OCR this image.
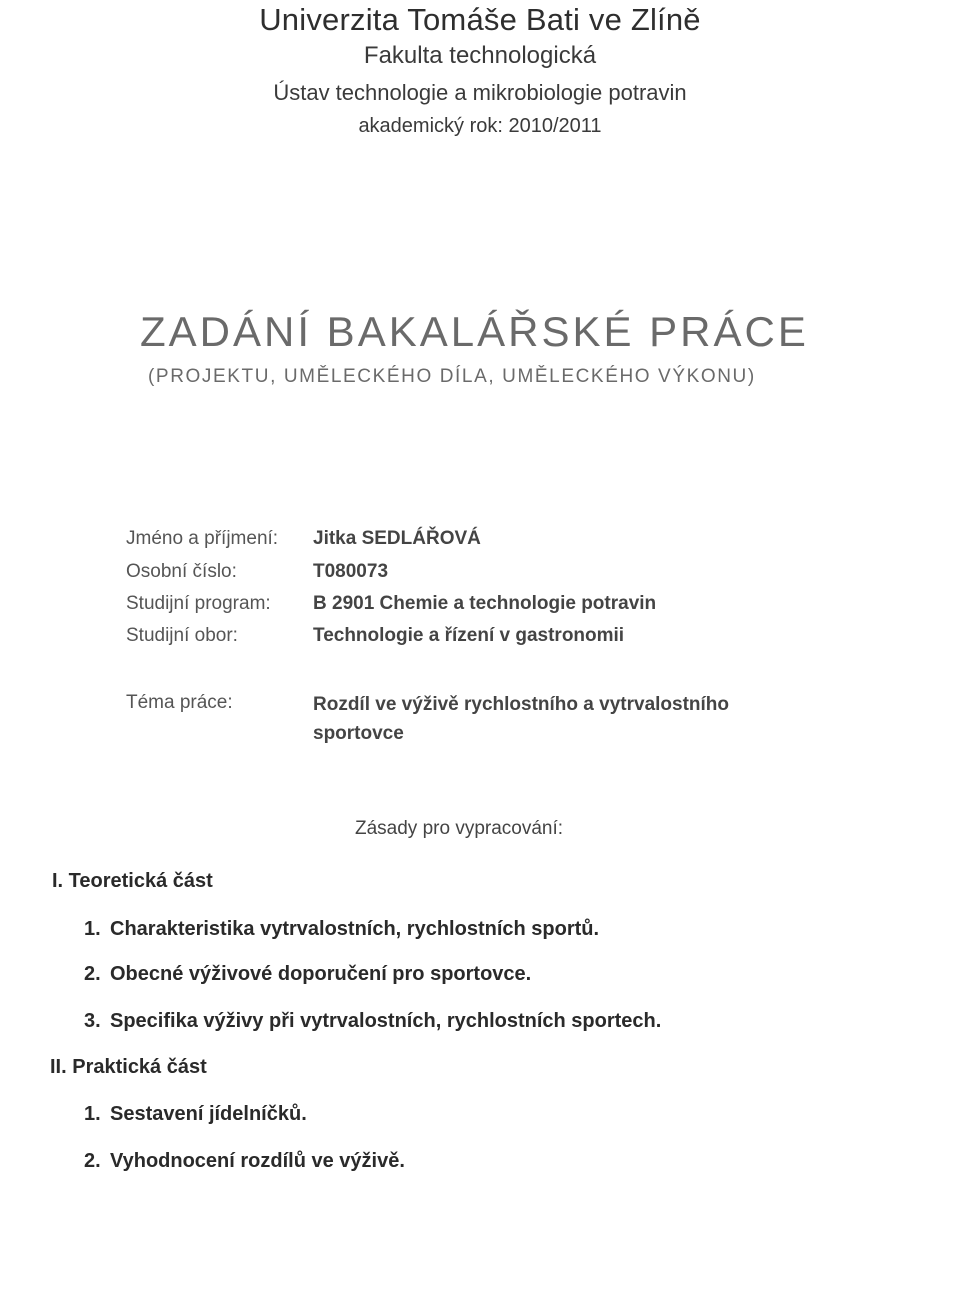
Univerzita Tomáše Bati ve Zlíně
Fakulta technologická
Ústav technologie a mikrobiologie potravin
akademický rok: 2010/2011
ZADÁNÍ BAKALÁŘSKÉ PRÁCE
(PROJEKTU, UMĚLECKÉHO DÍLA, UMĚLECKÉHO VÝKONU)
Jméno a příjmení: Jitka SEDLÁŘOVÁ
Osobní číslo:	T080073
Studijní program: B 2901 Chemie a technologie potravin
Studijní obor:	Technologie a řízení v gastronomii
Téma práce:	Rozdíl ve výživě rychlostního a vytrvalostního
sportovce
Zásady pro vypracování:
I. Teoretická část
1. Charakteristika vytrvalostních, rychlostních sportů.
2. Obecné výživové doporučení pro sportovce.
3. Specifika výživy při vytrvalostních, rychlostních sportech.
II. Praktická část
1. Sestavení jídelníčků.
2. Vyhodnocení rozdílů ve výživě.
